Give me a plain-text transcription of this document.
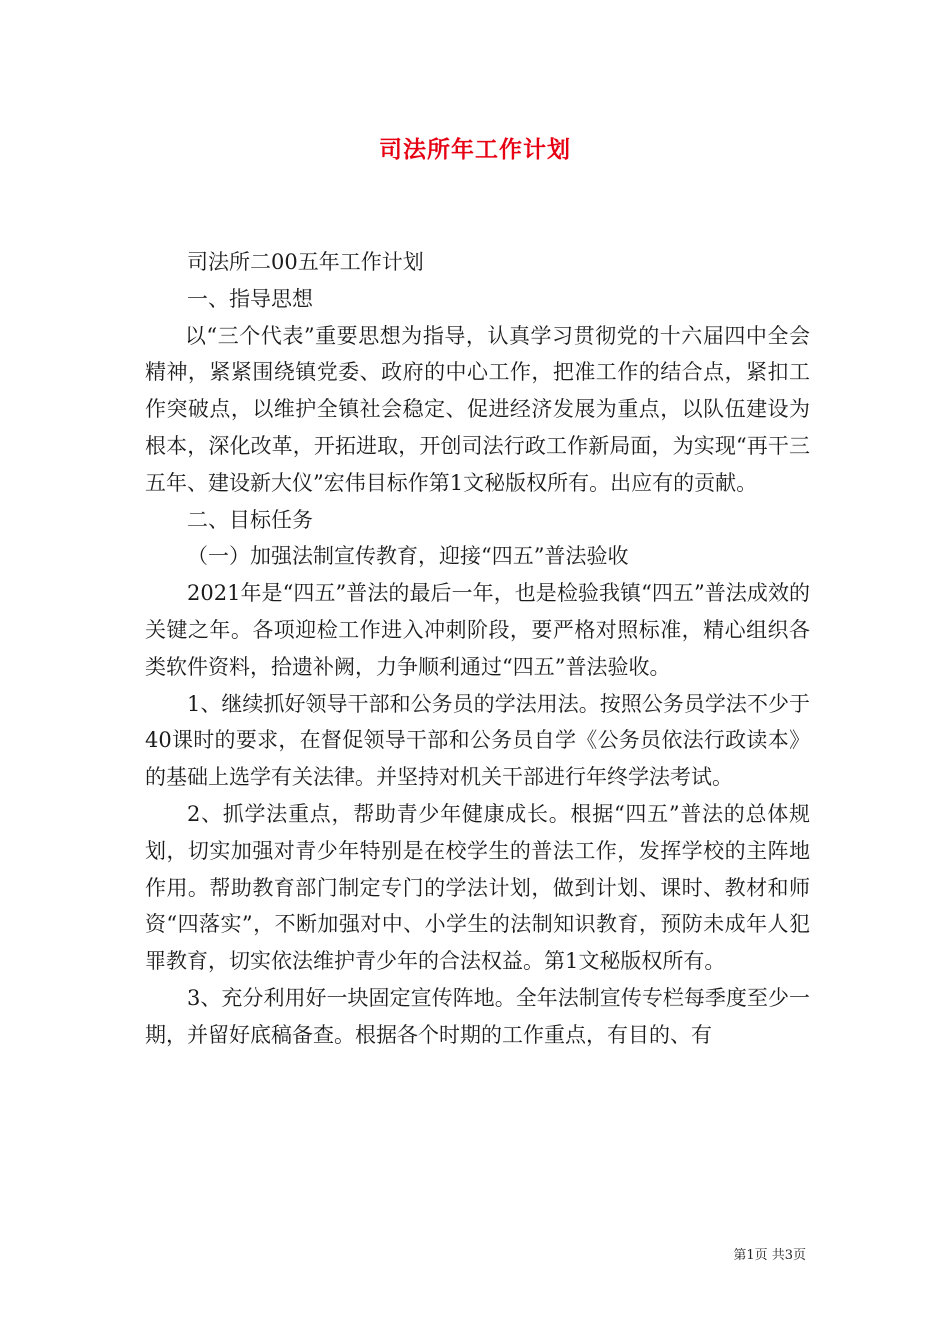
司法所年工作计划

司法所二00五年工作计划

一、指导思想

以“三个代表”重要思想为指导，认真学习贯彻党的十六届四中全会精神，紧紧围绕镇党委、政府的中心工作，把准工作的结合点，紧扣工作突破点，以维护全镇社会稳定、促进经济发展为重点，以队伍建设为根本，深化改革，开拓进取，开创司法行政工作新局面，为实现“再干三五年、建设新大仪”宏伟目标作第1文秘版权所有。出应有的贡献。

二、目标任务

（一）加强法制宣传教育，迎接“四五”普法验收

2021年是“四五”普法的最后一年，也是检验我镇“四五”普法成效的关键之年。各项迎检工作进入冲刺阶段，要严格对照标准，精心组织各类软件资料，拾遗补阙，力争顺利通过“四五”普法验收。

1、继续抓好领导干部和公务员的学法用法。按照公务员学法不少于40课时的要求，在督促领导干部和公务员自学《公务员依法行政读本》的基础上选学有关法律。并坚持对机关干部进行年终学法考试。

2、抓学法重点，帮助青少年健康成长。根据“四五”普法的总体规划，切实加强对青少年特别是在校学生的普法工作，发挥学校的主阵地作用。帮助教育部门制定专门的学法计划，做到计划、课时、教材和师资“四落实”，不断加强对中、小学生的法制知识教育，预防未成年人犯罪教育，切实依法维护青少年的合法权益。第1文秘版权所有。

3、充分利用好一块固定宣传阵地。全年法制宣传专栏每季度至少一期，并留好底稿备查。根据各个时期的工作重点，有目的、有

第1页 共3页
